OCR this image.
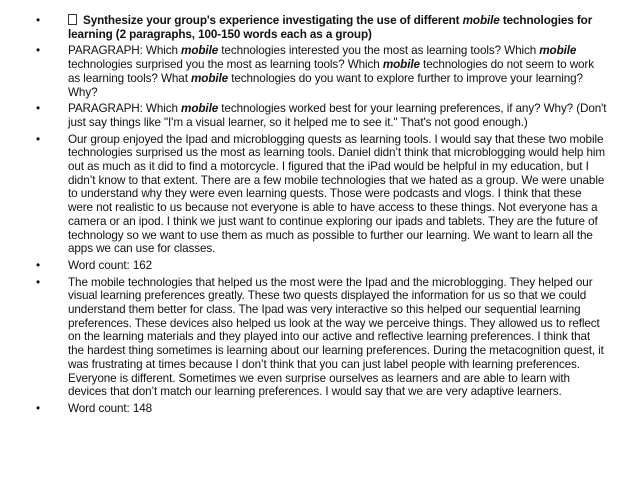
• Synthesize your group's experience investigating the use of different mobile technologies for learning (2 paragraphs, 100-150 words each as a group)
• PARAGRAPH: Which mobile technologies interested you the most as learning tools? Which mobile technologies surprised you the most as learning tools? Which mobile technologies do not seem to work as learning tools? What mobile technologies do you want to explore further to improve your learning? Why?
• PARAGRAPH: Which mobile technologies worked best for your learning preferences, if any? Why? (Don't just say things like "I'm a visual learner, so it helped me to see it." That's not good enough.)
• Our group enjoyed the Ipad and microblogging quests as learning tools. I would say that these two mobile technologies surprised us the most as learning tools. Daniel didn’t think that microblogging would help him out as much as it did to find a motorcycle. I figured that the iPad would be helpful in my education, but I didn’t know to that extent. There are a few mobile technologies that we hated as a group. We were unable to understand why they were even learning quests. Those were podcasts and vlogs. I think that these were not realistic to us because not everyone is able to have access to these things. Not everyone has a camera or an ipod. I think we just want to continue exploring our ipads and tablets. They are the future of technology so we want to use them as much as possible to further our learning. We want to learn all the apps we can use for classes.
• Word count: 162
• The mobile technologies that helped us the most were the Ipad and the microblogging. They helped our visual learning preferences greatly. These two quests displayed the information for us so that we could understand them better for class. The Ipad was very interactive so this helped our sequential learning preferences. These devices also helped us look at the way we perceive things. They allowed us to reflect on the learning materials and they played into our active and reflective learning preferences. I think that the hardest thing sometimes is learning about our learning preferences. During the metacognition quest, it was frustrating at times because I don’t think that you can just label people with learning preferences. Everyone is different. Sometimes we even surprise ourselves as learners and are able to learn with devices that don’t match our learning preferences. I would say that we are very adaptive learners.
• Word count: 148
